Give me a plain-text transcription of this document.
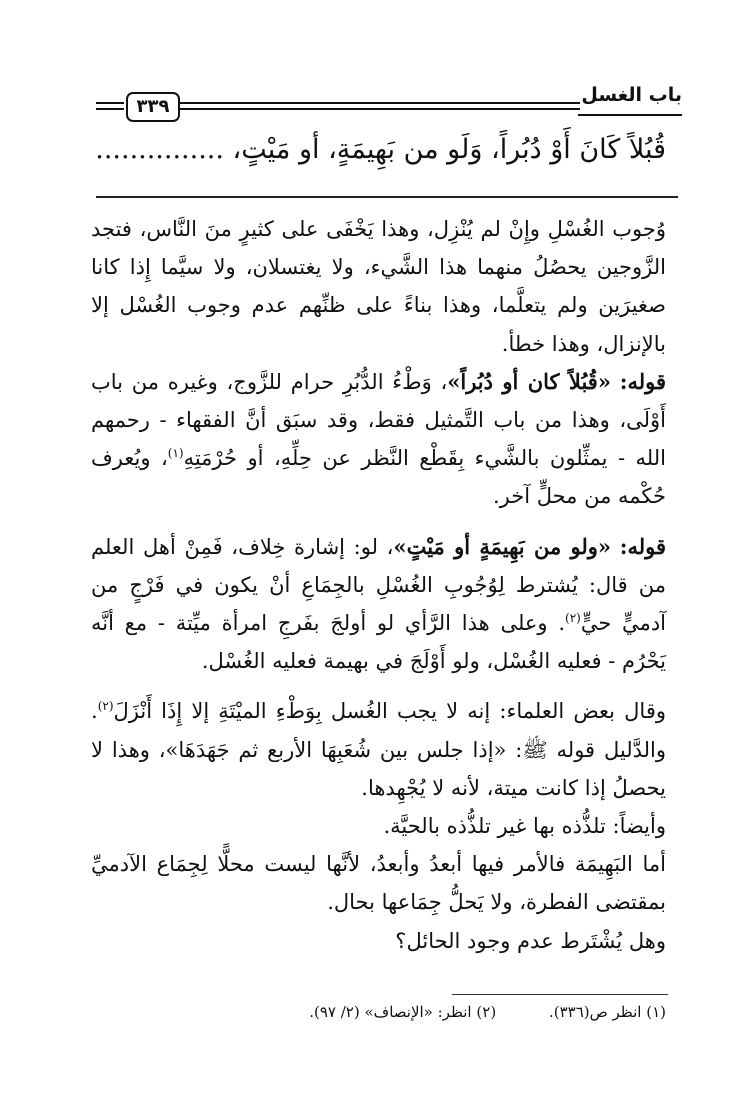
باب الغسل
٣٣٩
قُبُلاً كَانَ أَوْ دُبُراً، وَلَو من بَهِيمَةٍ، أو مَيْتٍ، ...............

وُجوب الغُسْلِ وإِنْ لم يُنْزِل، وهذا يَخْفَى على كثيرٍ منَ النَّاس، فتجد الزَّوجين يحصُلُ منهما هذا الشَّيء، ولا يغتسلان، ولا سيَّما إِذا كانا صغيرَين ولم يتعلَّما، وهذا بناءً على ظنِّهم عدم وجوب الغُسْل إلا بالإنزال، وهذا خطأ.

قوله: «قُبُلاً كان أو دُبُراً»، وَطْءُ الدُّبُرِ حرام للزَّوج، وغيره من باب أَوْلَى، وهذا من باب التَّمثيل فقط، وقد سبَق أنَّ الفقهاء - رحمهم الله - يمثِّلون بالشَّيء بِقَطْع النَّظر عن حِلِّهِ، أو حُرْمَتِهِ$^{(١)}$، ويُعرف حُكْمه من محلٍّ آخر.

قوله: «ولو من بَهِيمَةٍ أو مَيْتٍ»، لو: إشارة خِلاف، فَمِنْ أهل العلم من قال: يُشترط لِوُجُوبِ الغُسْلِ بالجِمَاعِ أنْ يكون في فَرْجٍ من آدميٍّ حيٍّ$^{(٢)}$. وعلى هذا الرَّأي لو أولجَ بفَرجِ امرأة ميِّتة - مع أنَّه يَحْرُم - فعليه الغُسْل، ولو أَوْلَجَ في بهيمة فعليه الغُسْل.

وقال بعض العلماء: إنه لا يجب الغُسل بِوَطْءِ الميْتَةِ إلا إِذَا أَنْزَلَ$^{(٢)}$. والدَّليل قوله ﷺ: «إذا جلس بين شُعَبِهَا الأربع ثم جَهَدَهَا»، وهذا لا يحصلُ إذا كانت ميتة، لأنه لا يُجْهِدها.

وأيضاً: تلذُّذه بها غير تلذُّذه بالحيَّة.

أما البَهِيمَة فالأمر فيها أبعدُ وأبعدُ، لأنَّها ليست محلًّا لِجِمَاع الآدميِّ بمقتضى الفطرة، ولا يَحلُّ جِمَاعها بحال.

وهل يُشْتَرط عدم وجود الحائل؟

(١) انظر ص(٣٣٦). (٢) انظر: «الإنصاف» (٢/ ٩٧).
